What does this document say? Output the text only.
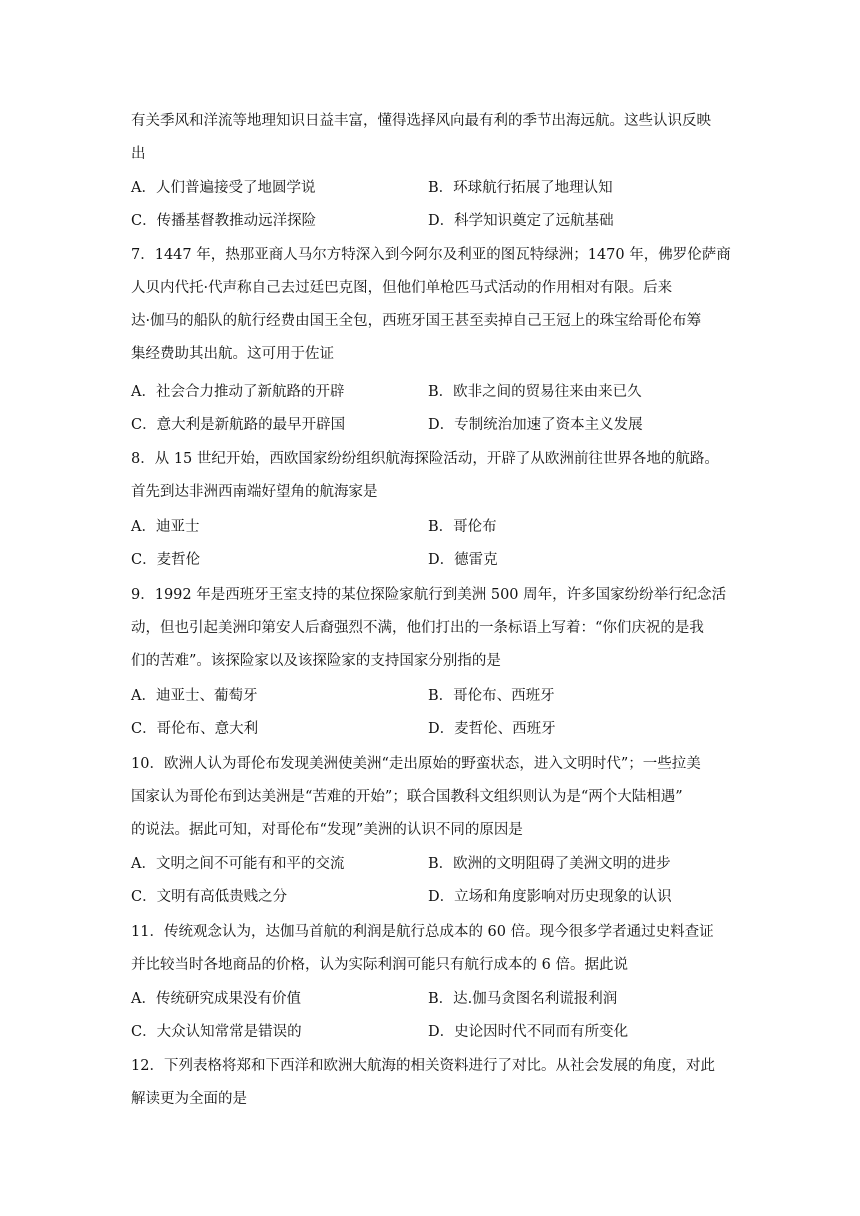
有关季风和洋流等地理知识日益丰富，懂得选择风向最有利的季节出海远航。这些认识反映
出
A．人们普遍接受了地圆学说	B．环球航行拓展了地理认知
C．传播基督教推动远洋探险	D．科学知识奠定了远航基础
7．1447 年，热那亚商人马尔方特深入到今阿尔及利亚的图瓦特绿洲；1470 年，佛罗伦萨商
人贝内代托·代声称自己去过廷巴克图，但他们单枪匹马式活动的作用相对有限。后来
达·伽马的船队的航行经费由国王全包，西班牙国王甚至卖掉自己王冠上的珠宝给哥伦布筹
集经费助其出航。这可用于佐证
A．社会合力推动了新航路的开辟	B．欧非之间的贸易往来由来已久
C．意大利是新航路的最早开辟国	D．专制统治加速了资本主义发展
8．从 15 世纪开始，西欧国家纷纷组织航海探险活动，开辟了从欧洲前往世界各地的航路。
首先到达非洲西南端好望角的航海家是
A．迪亚士	B．哥伦布
C．麦哲伦	D．德雷克
9．1992 年是西班牙王室支持的某位探险家航行到美洲 500 周年，许多国家纷纷举行纪念活
动，但也引起美洲印第安人后裔强烈不满，他们打出的一条标语上写着：“你们庆祝的是我
们的苦难”。该探险家以及该探险家的支持国家分别指的是
A．迪亚士、葡萄牙	B．哥伦布、西班牙
C．哥伦布、意大利	D．麦哲伦、西班牙
10．欧洲人认为哥伦布发现美洲使美洲“走出原始的野蛮状态，进入文明时代”；一些拉美
国家认为哥伦布到达美洲是“苦难的开始”；联合国教科文组织则认为是“两个大陆相遇”
的说法。据此可知，对哥伦布“发现”美洲的认识不同的原因是
A．文明之间不可能有和平的交流	B．欧洲的文明阻碍了美洲文明的进步
C．文明有高低贵贱之分	D．立场和角度影响对历史现象的认识
11．传统观念认为，达伽马首航的利润是航行总成本的 60 倍。现今很多学者通过史料查证
并比较当时各地商品的价格，认为实际利润可能只有航行成本的 6 倍。据此说
A．传统研究成果没有价值	B．达.伽马贪图名利谎报利润
C．大众认知常常是错误的	D．史论因时代不同而有所变化
12．下列表格将郑和下西洋和欧洲大航海的相关资料进行了对比。从社会发展的角度，对此
解读更为全面的是
